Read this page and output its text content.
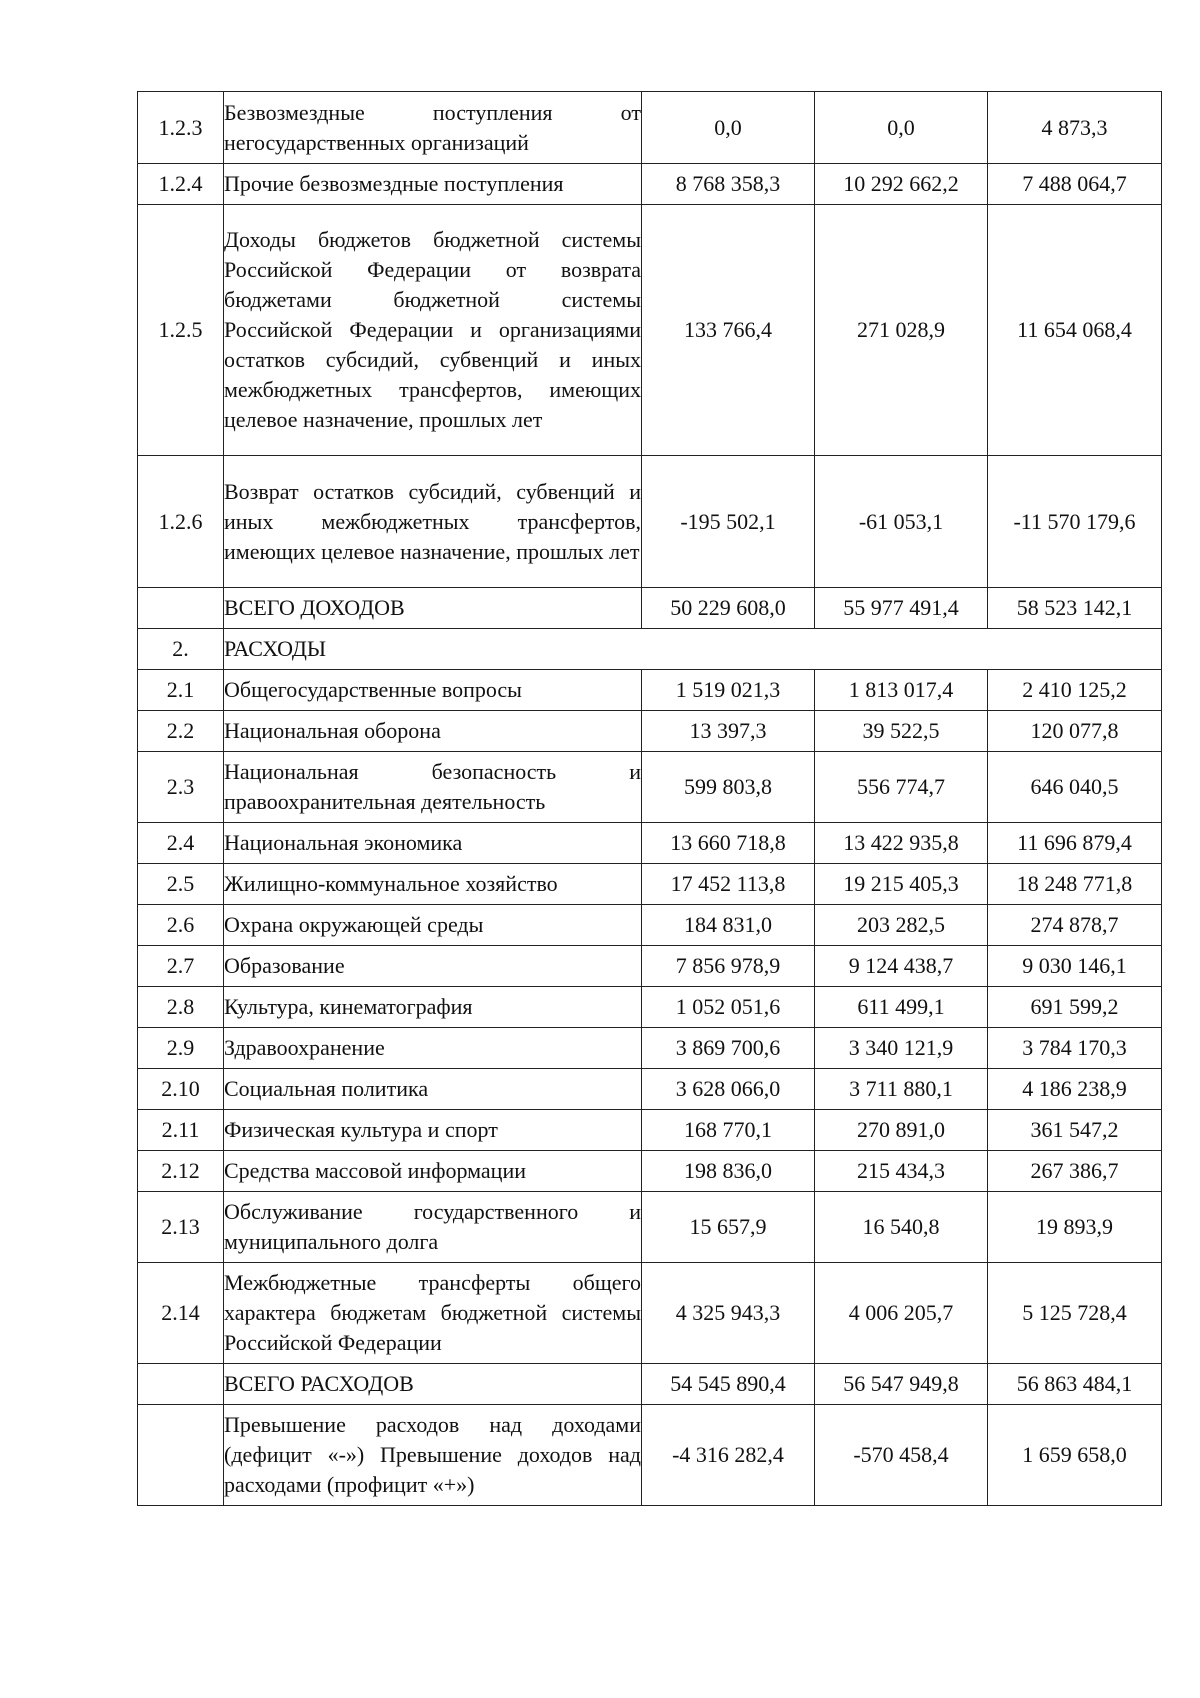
1.2.3	Безвозмездные поступления от негосударственных организаций	0,0	0,0	4 873,3
1.2.4	Прочие безвозмездные поступления	8 768 358,3	10 292 662,2	7 488 064,7
1.2.5	Доходы бюджетов бюджетной системы Российской Федерации от возврата бюджетами бюджетной системы Российской Федерации и организациями остатков субсидий, субвенций и иных межбюджетных трансфертов, имеющих целевое назначение, прошлых лет	133 766,4	271 028,9	11 654 068,4
1.2.6	Возврат остатков субсидий, субвенций и иных межбюджетных трансфертов, имеющих целевое назначение, прошлых лет	-195 502,1	-61 053,1	-11 570 179,6
	ВСЕГО ДОХОДОВ	50 229 608,0	55 977 491,4	58 523 142,1
2.	РАСХОДЫ			
2.1	Общегосударственные вопросы	1 519 021,3	1 813 017,4	2 410 125,2
2.2	Национальная оборона	13 397,3	39 522,5	120 077,8
2.3	Национальная безопасность и правоохранительная деятельность	599 803,8	556 774,7	646 040,5
2.4	Национальная экономика	13 660 718,8	13 422 935,8	11 696 879,4
2.5	Жилищно-коммунальное хозяйство	17 452 113,8	19 215 405,3	18 248 771,8
2.6	Охрана окружающей среды	184 831,0	203 282,5	274 878,7
2.7	Образование	7 856 978,9	9 124 438,7	9 030 146,1
2.8	Культура, кинематография	1 052 051,6	611 499,1	691 599,2
2.9	Здравоохранение	3 869 700,6	3 340 121,9	3 784 170,3
2.10	Социальная политика	3 628 066,0	3 711 880,1	4 186 238,9
2.11	Физическая культура и спорт	168 770,1	270 891,0	361 547,2
2.12	Средства массовой информации	198 836,0	215 434,3	267 386,7
2.13	Обслуживание государственного и муниципального долга	15 657,9	16 540,8	19 893,9
2.14	Межбюджетные трансферты общего характера бюджетам бюджетной системы Российской Федерации	4 325 943,3	4 006 205,7	5 125 728,4
	ВСЕГО РАСХОДОВ	54 545 890,4	56 547 949,8	56 863 484,1
	Превышение расходов над доходами (дефицит «-») Превышение доходов над расходами (профицит «+»)	-4 316 282,4	-570 458,4	1 659 658,0
